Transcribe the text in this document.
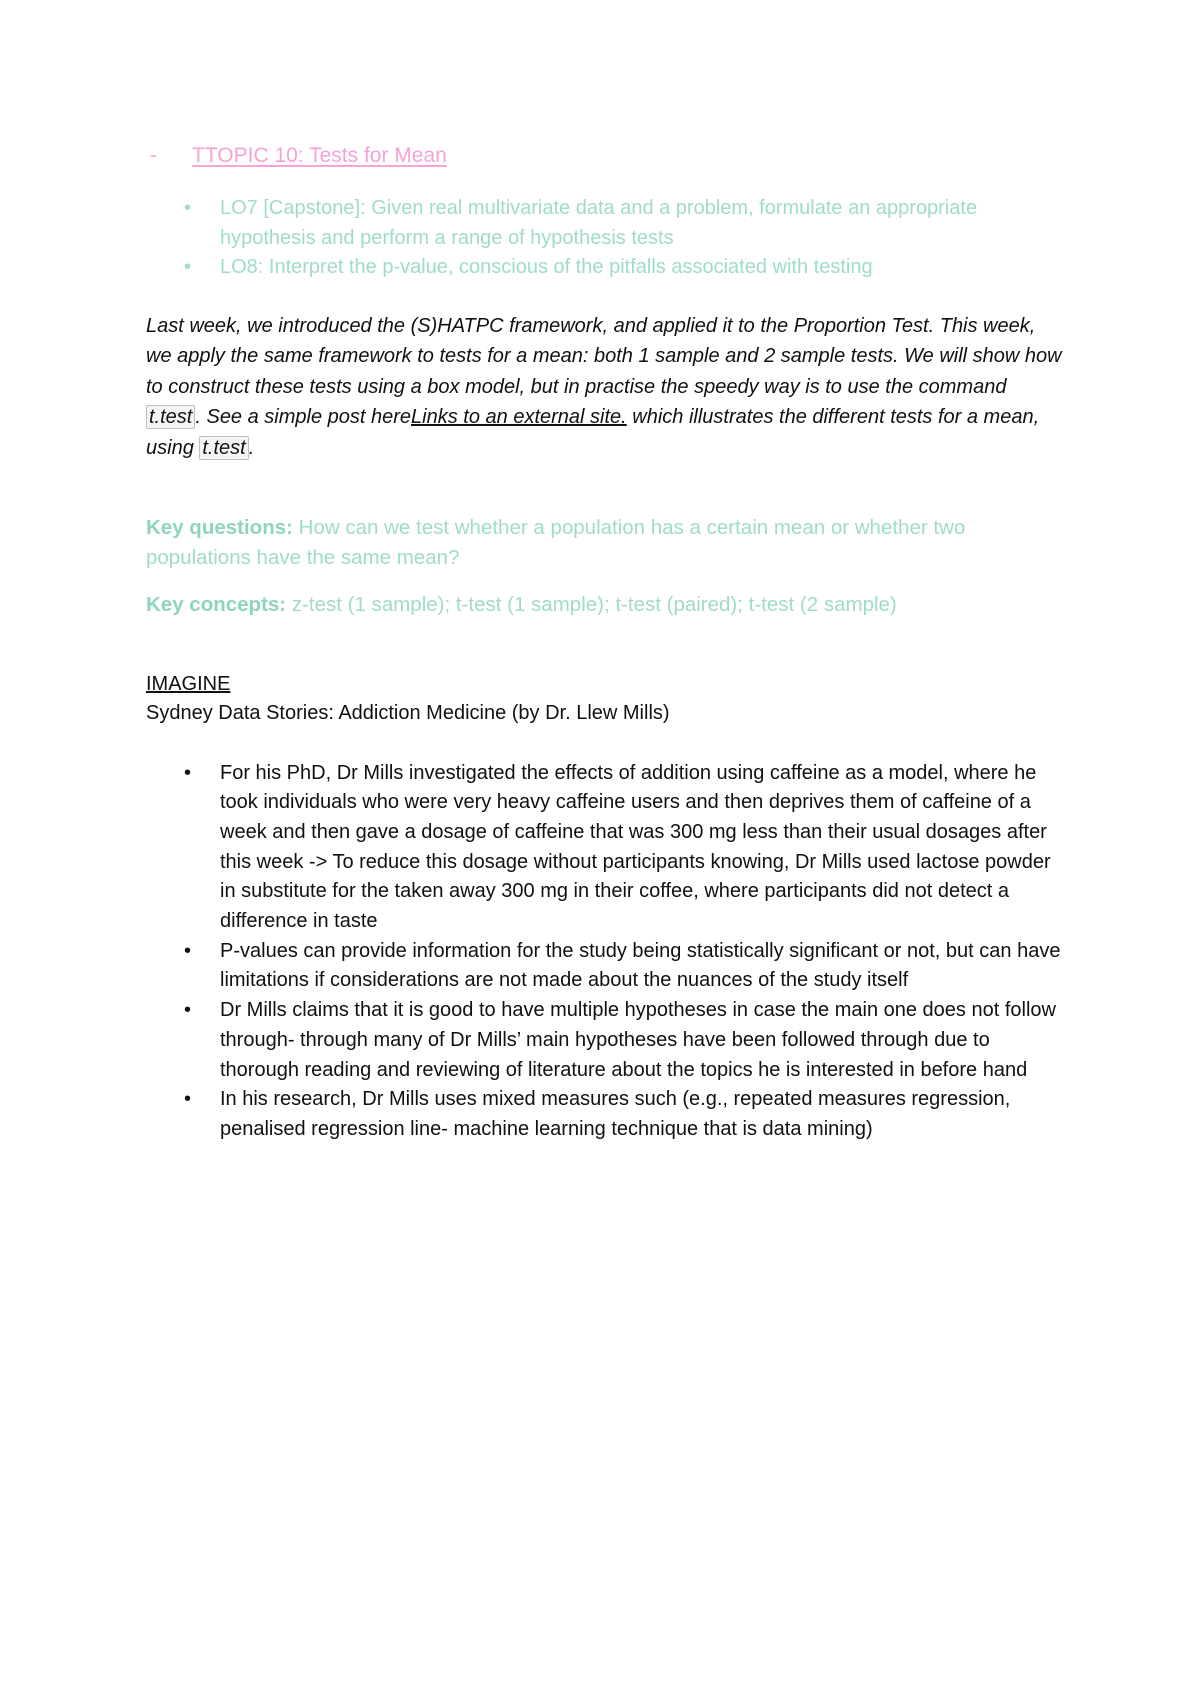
-	TTOPIC 10: Tests for Mean
• LO7 [Capstone]: Given real multivariate data and a problem, formulate an appropriate hypothesis and perform a range of hypothesis tests
• LO8: Interpret the p-value, conscious of the pitfalls associated with testing

Last week, we introduced the (S)HATPC framework, and applied it to the Proportion Test. This week, we apply the same framework to tests for a mean: both 1 sample and 2 sample tests. We will show how to construct these tests using a box model, but in practise the speedy way is to use the command t.test . See a simple post hereLinks to an external site. which illustrates the different tests for a mean, using t.test .

Key questions: How can we test whether a population has a certain mean or whether two populations have the same mean?

Key concepts: z-test (1 sample); t-test (1 sample); t-test (paired); t-test (2 sample)

IMAGINE
Sydney Data Stories: Addiction Medicine (by Dr. Llew Mills)
• For his PhD, Dr Mills investigated the effects of addition using caffeine as a model, where he took individuals who were very heavy caffeine users and then deprives them of caffeine of a week and then gave a dosage of caffeine that was 300 mg less than their usual dosages after this week -> To reduce this dosage without participants knowing, Dr Mills used lactose powder in substitute for the taken away 300 mg in their coffee, where participants did not detect a difference in taste
• P-values can provide information for the study being statistically significant or not, but can have limitations if considerations are not made about the nuances of the study itself
• Dr Mills claims that it is good to have multiple hypotheses in case the main one does not follow through- through many of Dr Mills’ main hypotheses have been followed through due to thorough reading and reviewing of literature about the topics he is interested in before hand
• In his research, Dr Mills uses mixed measures such (e.g., repeated measures regression, penalised regression line- machine learning technique that is data mining)
